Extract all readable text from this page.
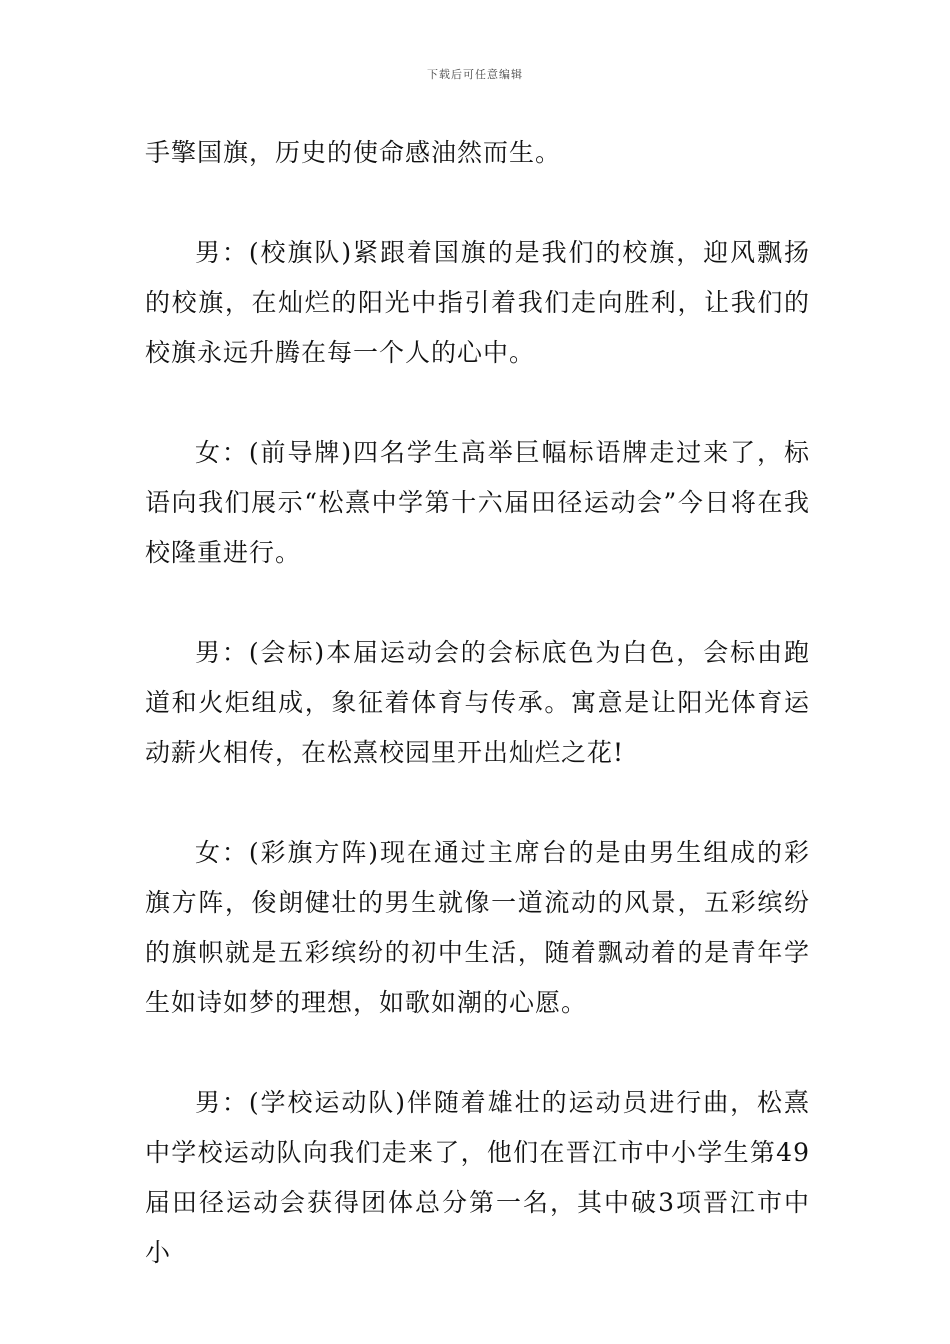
下载后可任意编辑

手擎国旗，历史的使命感油然而生。

男：(校旗队)紧跟着国旗的是我们的校旗，迎风飘扬的校旗，在灿烂的阳光中指引着我们走向胜利，让我们的校旗永远升腾在每一个人的心中。

女：(前导牌)四名学生高举巨幅标语牌走过来了，标语向我们展示“松熹中学第十六届田径运动会”今日将在我校隆重进行。

男：(会标)本届运动会的会标底色为白色，会标由跑道和火炬组成，象征着体育与传承。寓意是让阳光体育运动薪火相传，在松熹校园里开出灿烂之花!

女：(彩旗方阵)现在通过主席台的是由男生组成的彩旗方阵，俊朗健壮的男生就像一道流动的风景，五彩缤纷的旗帜就是五彩缤纷的初中生活，随着飘动着的是青年学生如诗如梦的理想，如歌如潮的心愿。

男：(学校运动队)伴随着雄壮的运动员进行曲，松熹中学校运动队向我们走来了，他们在晋江市中小学生第49届田径运动会获得团体总分第一名，其中破3项晋江市中小
